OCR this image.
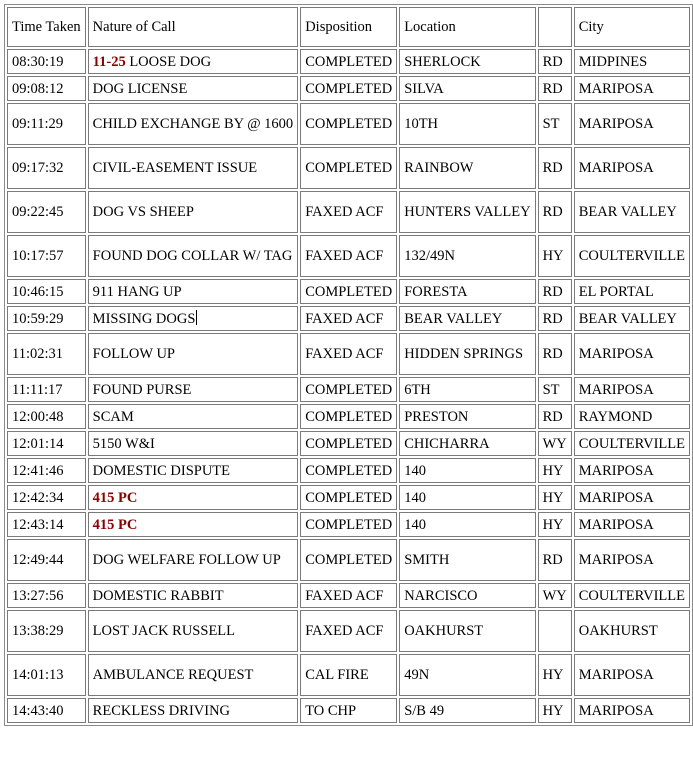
Time Taken	Nature of Call	Disposition	Location		City
08:30:19	11-25 LOOSE DOG	COMPLETED	SHERLOCK	RD	MIDPINES
09:08:12	DOG LICENSE	COMPLETED	SILVA	RD	MARIPOSA
09:11:29	CHILD EXCHANGE BY @ 1600	COMPLETED	10TH	ST	MARIPOSA
09:17:32	CIVIL-EASEMENT ISSUE	COMPLETED	RAINBOW	RD	MARIPOSA
09:22:45	DOG VS SHEEP	FAXED ACF	HUNTERS VALLEY	RD	BEAR VALLEY
10:17:57	FOUND DOG COLLAR W/ TAG	FAXED ACF	132/49N	HY	COULTERVILLE
10:46:15	911 HANG UP	COMPLETED	FORESTA	RD	EL PORTAL
10:59:29	MISSING DOGS	FAXED ACF	BEAR VALLEY	RD	BEAR VALLEY
11:02:31	FOLLOW UP	FAXED ACF	HIDDEN SPRINGS	RD	MARIPOSA
11:11:17	FOUND PURSE	COMPLETED	6TH	ST	MARIPOSA
12:00:48	SCAM	COMPLETED	PRESTON	RD	RAYMOND
12:01:14	5150 W&I	COMPLETED	CHICHARRA	WY	COULTERVILLE
12:41:46	DOMESTIC DISPUTE	COMPLETED	140	HY	MARIPOSA
12:42:34	415 PC	COMPLETED	140	HY	MARIPOSA
12:43:14	415 PC	COMPLETED	140	HY	MARIPOSA
12:49:44	DOG WELFARE FOLLOW UP	COMPLETED	SMITH	RD	MARIPOSA
13:27:56	DOMESTIC RABBIT	FAXED ACF	NARCISCO	WY	COULTERVILLE
13:38:29	LOST JACK RUSSELL	FAXED ACF	OAKHURST		OAKHURST
14:01:13	AMBULANCE REQUEST	CAL FIRE	49N	HY	MARIPOSA
14:43:40	RECKLESS DRIVING	TO CHP	S/B 49	HY	MARIPOSA
